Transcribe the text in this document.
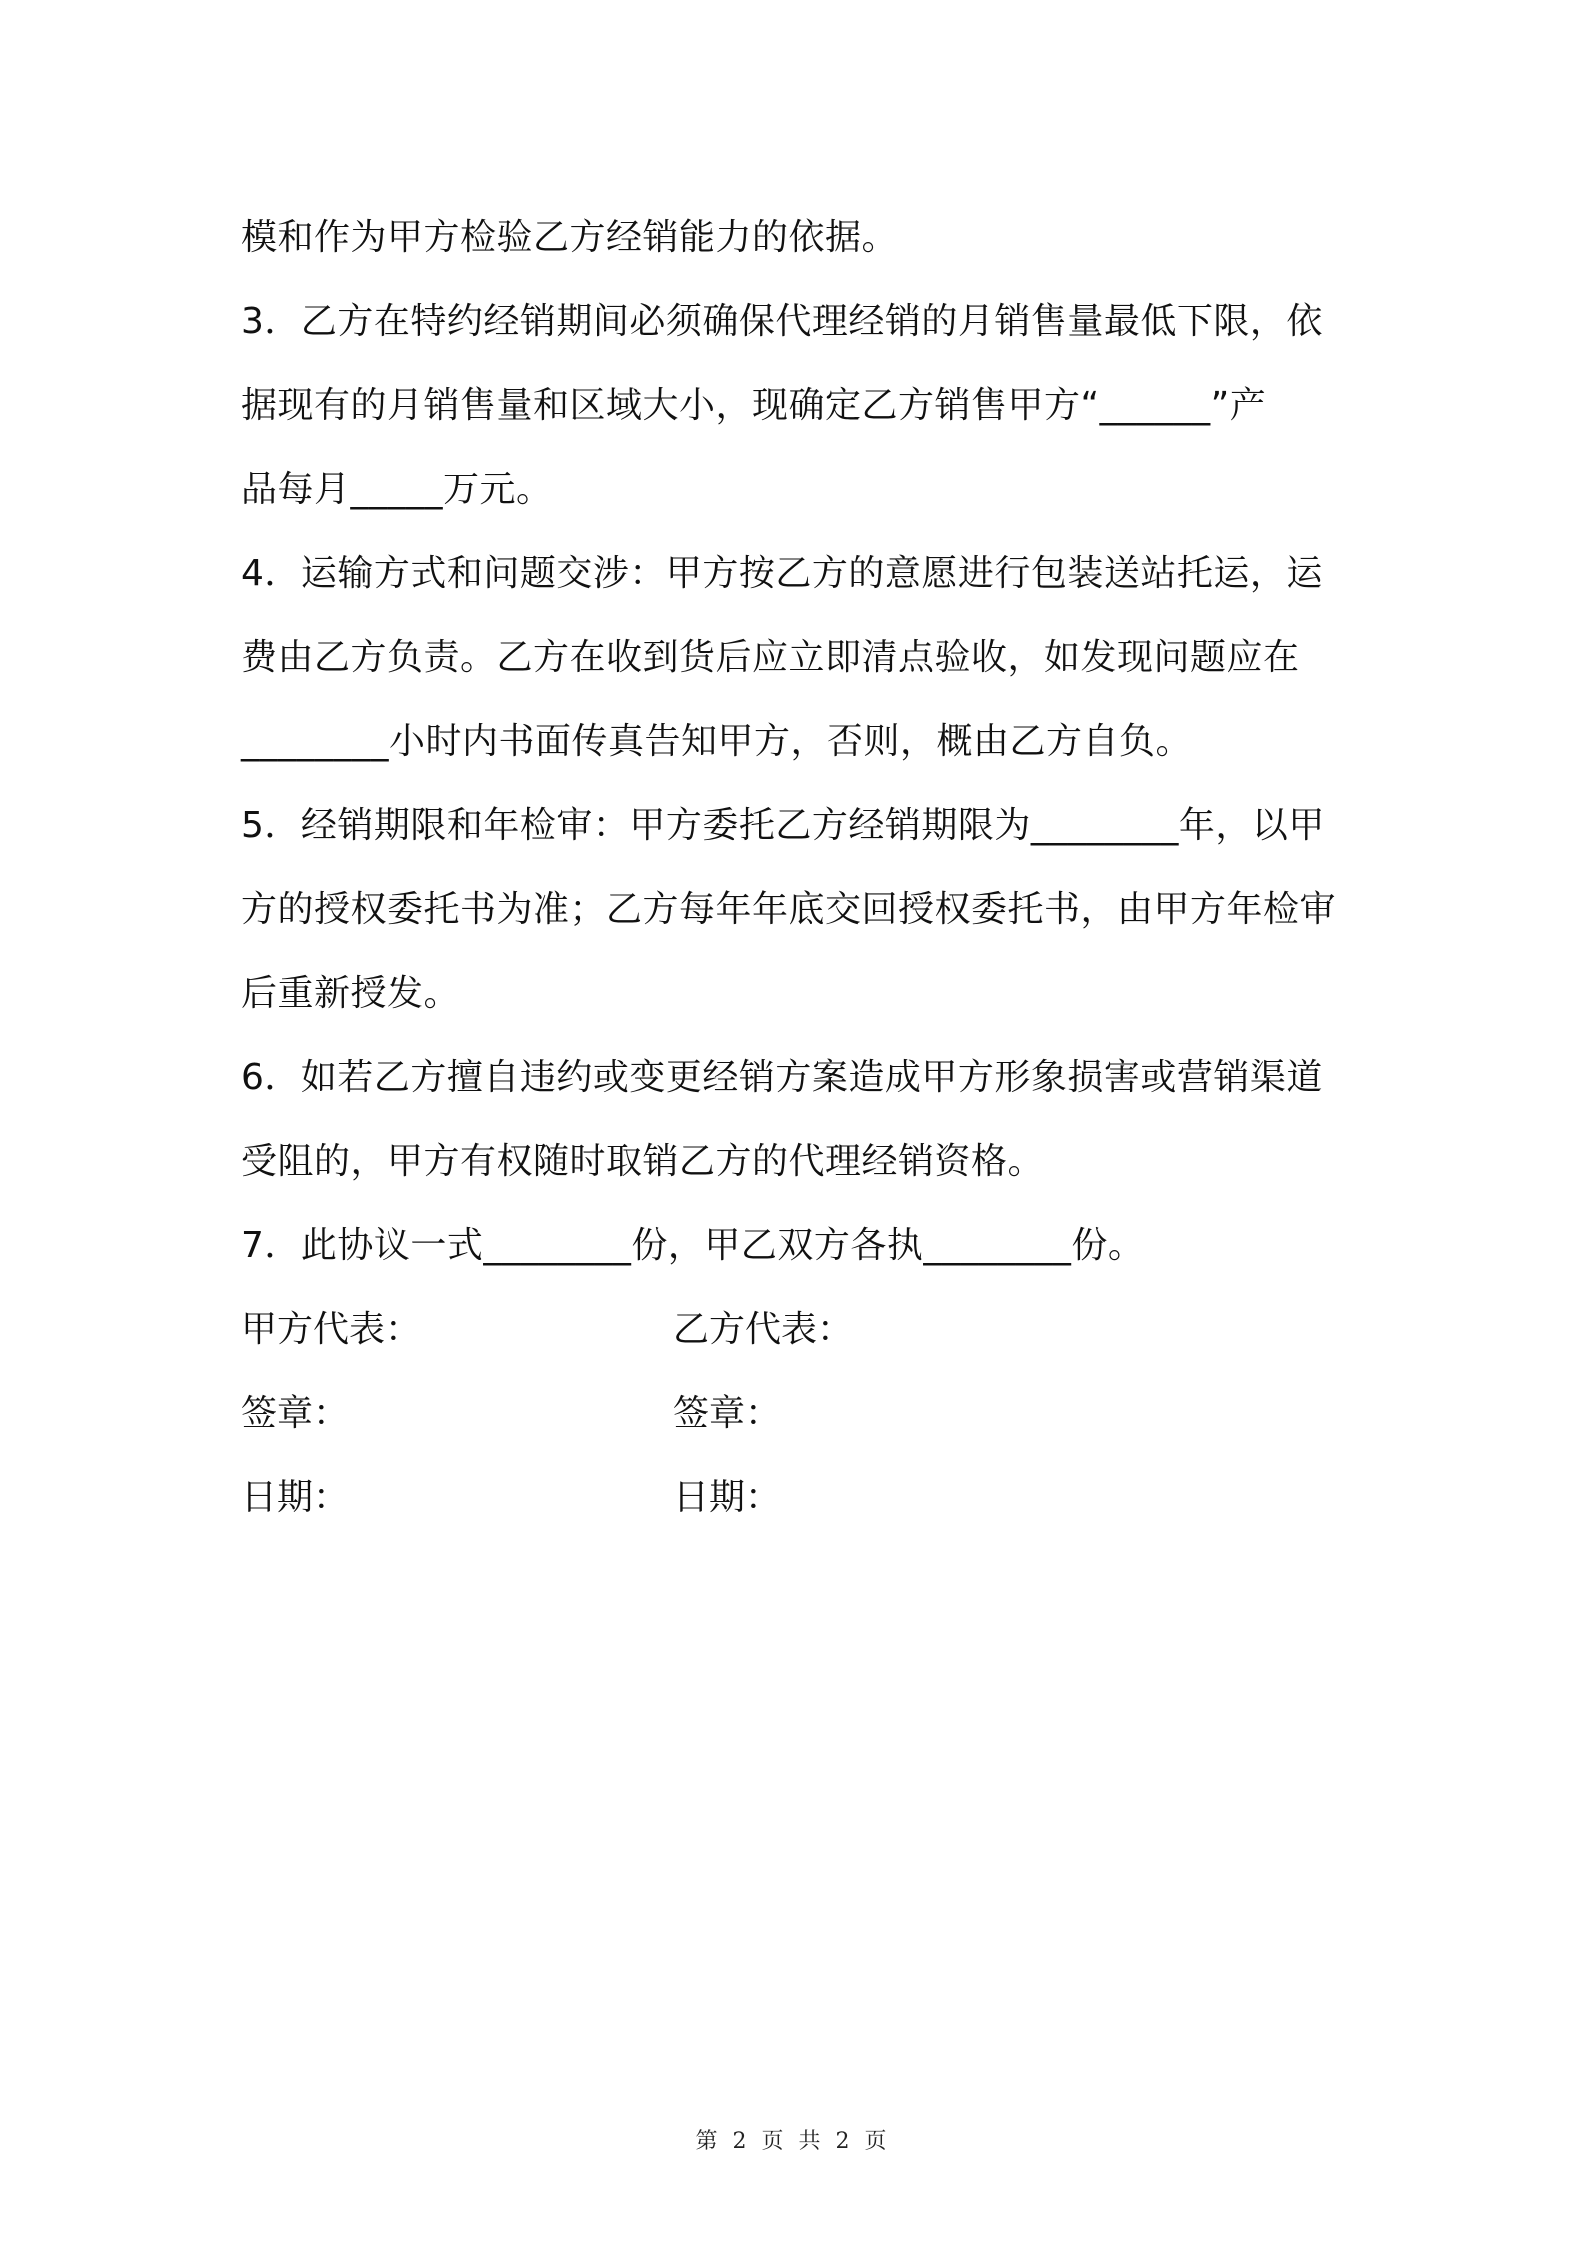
模和作为甲方检验乙方经销能力的依据。
3．乙方在特约经销期间必须确保代理经销的月销售量最低下限，依
据现有的月销售量和区域大小，现确定乙方销售甲方“______”产
品每月_____万元。
4．运输方式和问题交涉：甲方按乙方的意愿进行包装送站托运，运
费由乙方负责。乙方在收到货后应立即清点验收，如发现问题应在
________小时内书面传真告知甲方，否则，概由乙方自负。
5．经销期限和年检审：甲方委托乙方经销期限为________年，以甲
方的授权委托书为准；乙方每年年底交回授权委托书，由甲方年检审
后重新授发。
6．如若乙方擅自违约或变更经销方案造成甲方形象损害或营销渠道
受阻的，甲方有权随时取销乙方的代理经销资格。
7．此协议一式________份，甲乙双方各执________份。
甲方代表：	乙方代表：
签章：	签章：
日期：	日期：
第 2 页 共 2 页
